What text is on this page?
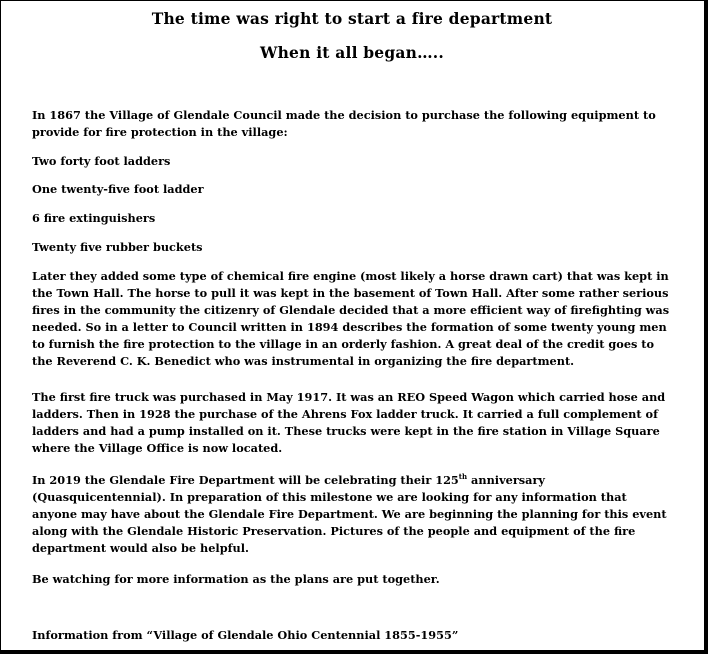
The time was right to start a fire department
When it all began…..

In 1867 the Village of Glendale Council made the decision to purchase the following equipment to provide for fire protection in the village:

Two forty foot ladders

One twenty-five foot ladder

6 fire extinguishers

Twenty five rubber buckets

Later they added some type of chemical fire engine (most likely a horse drawn cart) that was kept in the Town Hall. The horse to pull it was kept in the basement of Town Hall. After some rather serious fires in the community the citizenry of Glendale decided that a more efficient way of firefighting was needed. So in a letter to Council written in 1894 describes the formation of some twenty young men to furnish the fire protection to the village in an orderly fashion. A great deal of the credit goes to the Reverend C. K. Benedict who was instrumental in organizing the fire department.

The first fire truck was purchased in May 1917. It was an REO Speed Wagon which carried hose and ladders. Then in 1928 the purchase of the Ahrens Fox ladder truck. It carried a full complement of ladders and had a pump installed on it. These trucks were kept in the fire station in Village Square where the Village Office is now located.

In 2019 the Glendale Fire Department will be celebrating their 125th anniversary (Quasquicentennial). In preparation of this milestone we are looking for any information that anyone may have about the Glendale Fire Department. We are beginning the planning for this event along with the Glendale Historic Preservation. Pictures of the people and equipment of the fire department would also be helpful.

Be watching for more information as the plans are put together.

Information from “Village of Glendale Ohio Centennial 1855-1955”
